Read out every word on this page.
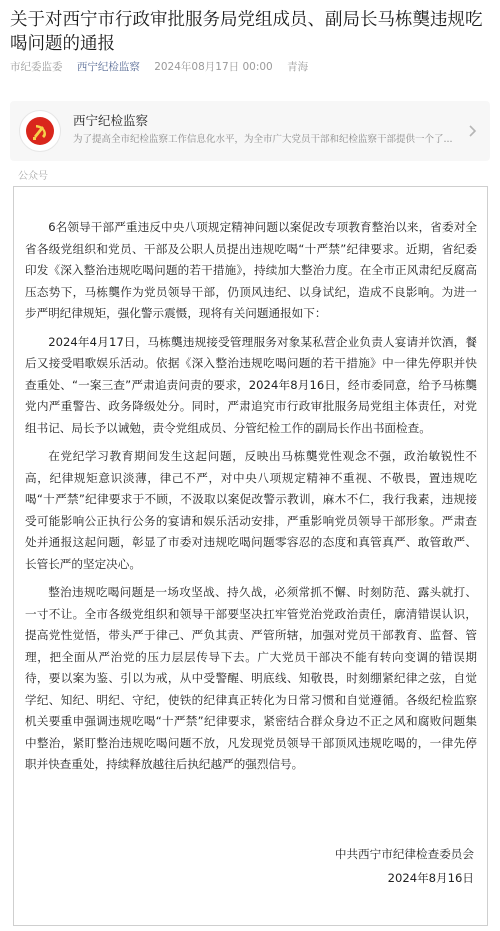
关于对西宁市行政审批服务局党组成员、副局长马栋龑违规吃喝问题的通报
市纪委监委 西宁纪检监察 2024年08月17日 00:00 青海
西宁纪检监察
为了提高全市纪检监察工作信息化水平，为全市广大党员干部和纪检监察干部提供一个了...
公众号

6名领导干部严重违反中央八项规定精神问题以案促改专项教育整治以来，省委对全省各级党组织和党员、干部及公职人员提出违规吃喝“十严禁”纪律要求。近期，省纪委印发《深入整治违规吃喝问题的若干措施》，持续加大整治力度。在全市正风肃纪反腐高压态势下，马栋龑作为党员领导干部，仍顶风违纪、以身试纪，造成不良影响。为进一步严明纪律规矩，强化警示震慑，现将有关问题通报如下：

2024年4月17日，马栋龑违规接受管理服务对象某私营企业负责人宴请并饮酒，餐后又接受唱歌娱乐活动。依据《深入整治违规吃喝问题的若干措施》中一律先停职并快查重处、“一案三查”严肃追责问责的要求，2024年8月16日，经市委同意，给予马栋龑党内严重警告、政务降级处分。同时，严肃追究市行政审批服务局党组主体责任，对党组书记、局长予以诫勉，责令党组成员、分管纪检工作的副局长作出书面检查。

在党纪学习教育期间发生这起问题，反映出马栋龑党性观念不强，政治敏锐性不高，纪律规矩意识淡薄，律己不严，对中央八项规定精神不重视、不敬畏，置违规吃喝“十严禁”纪律要求于不顾，不汲取以案促改警示教训，麻木不仁，我行我素，违规接受可能影响公正执行公务的宴请和娱乐活动安排，严重影响党员领导干部形象。严肃查处并通报这起问题，彰显了市委对违规吃喝问题零容忍的态度和真管真严、敢管敢严、长管长严的坚定决心。

整治违规吃喝问题是一场攻坚战、持久战，必须常抓不懈、时刻防范、露头就打、一寸不让。全市各级党组织和领导干部要坚决扛牢管党治党政治责任，廓清错误认识，提高党性觉悟，带头严于律己、严负其责、严管所辖，加强对党员干部教育、监督、管理，把全面从严治党的压力层层传导下去。广大党员干部决不能有转向变调的错误期待，要以案为鉴、引以为戒，从中受警醒、明底线、知敬畏，时刻绷紧纪律之弦，自觉学纪、知纪、明纪、守纪，使铁的纪律真正转化为日常习惯和自觉遵循。各级纪检监察机关要重申强调违规吃喝“十严禁”纪律要求，紧密结合群众身边不正之风和腐败问题集中整治，紧盯整治违规吃喝问题不放，凡发现党员领导干部顶风违规吃喝的，一律先停职并快查重处，持续释放越往后执纪越严的强烈信号。

中共西宁市纪律检查委员会
2024年8月16日
